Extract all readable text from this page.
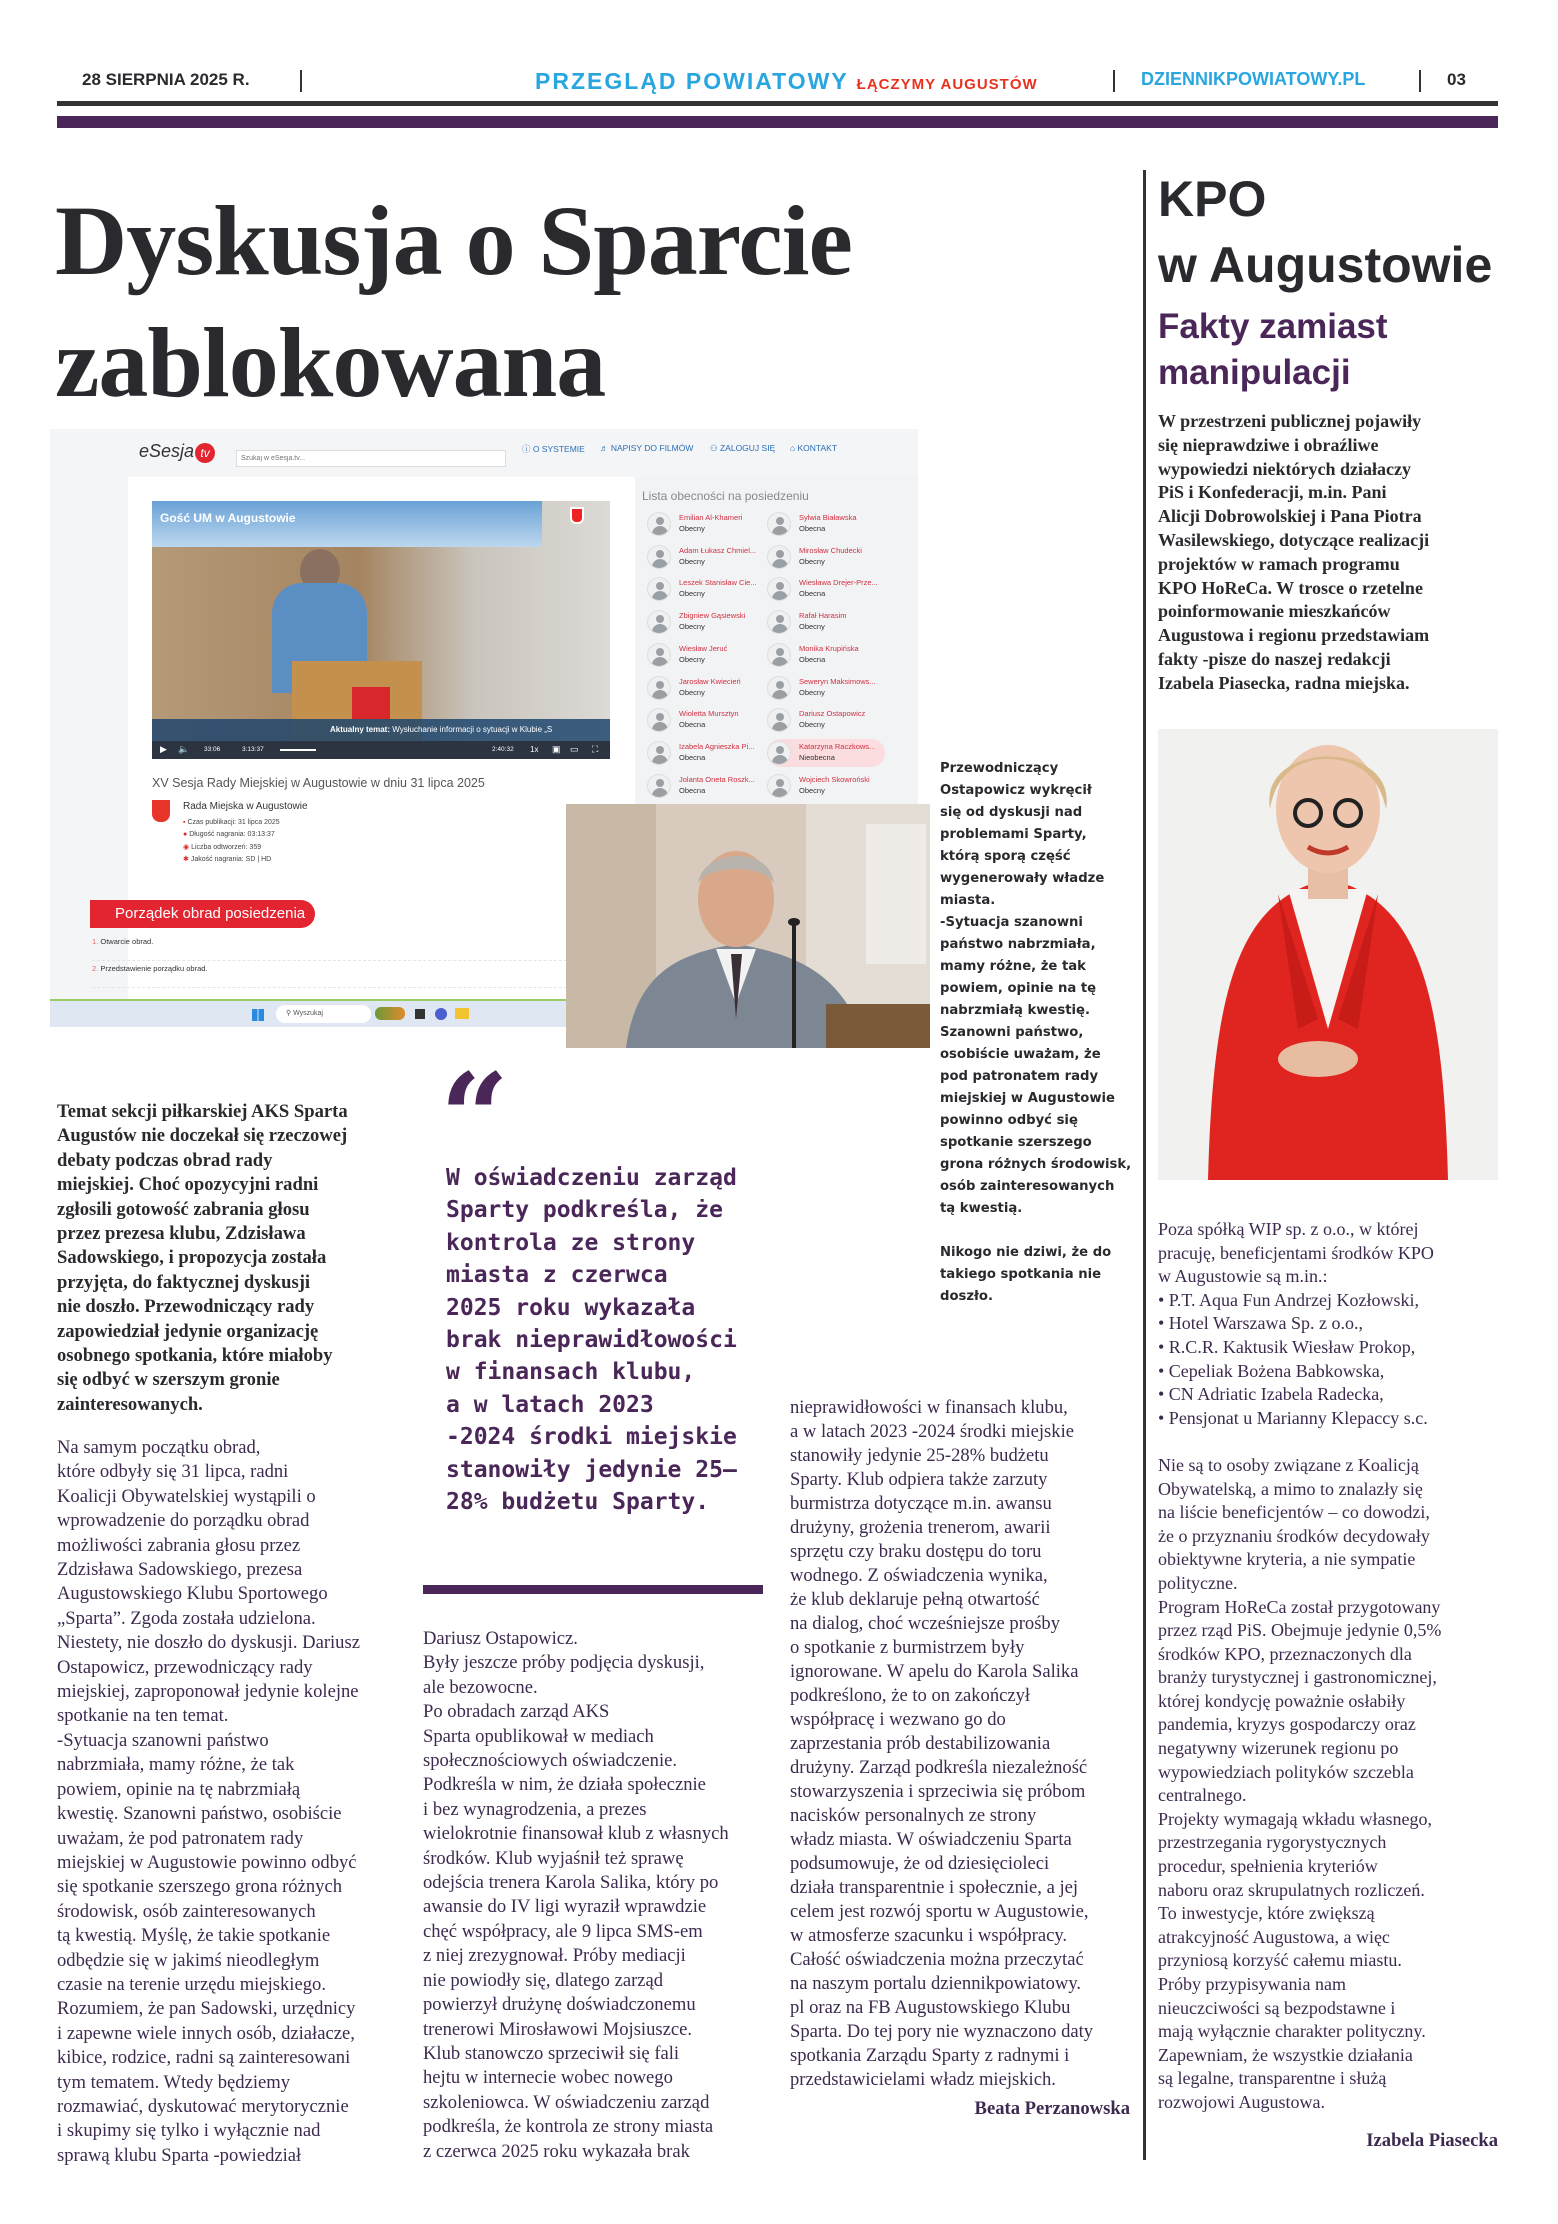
28 SIERPNIA 2025 R.	PRZEGLĄD POWIATOWY ŁĄCZYMY AUGUSTÓW	DZIENNIKPOWIATOWY.PL	03
Dyskusja o Sparcie
zablokowana
eSesja tv
Szukaj w eSesja.tv...	ⓘ O SYSTEMIE ♬ NAPISY DO FILMÓW ⚇ ZALOGUJ SIĘ ⌂ KONTAKT
Gość UM w Augustowie
Aktualny temat: Wysłuchanie informacji o sytuacji w Klubie „S
▶ 🔈 33:06	3:13:37	2:40:32 1x ▣ ▭ ⛶
XV Sesja Rady Miejskiej w Augustowie w dniu 31 lipca 2025
Rada Miejska w Augustowie
▪ Czas publikacji: 31 lipca 2025
● Długość nagrania: 03:13:37
◉ Liczba odtworzeń: 359
✱ Jakość nagrania: SD | HD
Porządek obrad posiedzenia
1. Otwarcie obrad.
2. Przedstawienie porządku obrad.
Lista obecności na posiedzeniu
Emilian Al-Khameri
Obecny
Sylwia Białawska
Obecna
Adam Łukasz Chmiel...
Obecny
Mirosław Chudecki
Obecny
Leszek Stanisław Cie...
Obecny
Wiesława Drejer-Prze...
Obecna
Zbigniew Gąsiewski
Obecny
Rafał Harasim
Obecny
Wiesław Jeruć
Obecny
Monika Krupińska
Obecna
Jarosław Kwiecień
Obecny
Seweryn Maksimows...
Obecny
Wioletta Mursztyn
Obecna
Dariusz Ostapowicz
Obecny
Izabela Agnieszka Pi...
Obecna
Katarzyna Raczkows...
Nieobecna
Jolanta Oneta Roszk...
Obecna
Wojciech Skowroński
Obecny
⚲ Wyszukaj
Przewodniczący
Ostapowicz wykręcił
się od dyskusji nad
problemami Sparty,
którą sporą część
wygenerowały władze
miasta.
-Sytuacja szanowni
państwo nabrzmiała,
mamy różne, że tak
powiem, opinie na tę
nabrzmiałą kwestię.
Szanowni państwo,
osobiście uważam, że
pod patronatem rady
miejskiej w Augustowie
powinno odbyć się
spotkanie szerszego
grona różnych środowisk,
osób zainteresowanych
tą kwestią.

Nikogo nie dziwi, że do
takiego spotkania nie
doszło.
Temat sekcji piłkarskiej AKS Sparta
Augustów nie doczekał się rzeczowej
debaty podczas obrad rady
miejskiej. Choć opozycyjni radni
zgłosili gotowość zabrania głosu
przez prezesa klubu, Zdzisława
Sadowskiego, i propozycja została
przyjęta, do faktycznej dyskusji
nie doszło. Przewodniczący rady
zapowiedział jedynie organizację
osobnego spotkania, które miałoby
się odbyć w szerszym gronie
zainteresowanych.
“
W oświadczeniu zarząd
Sparty podkreśla, że
kontrola ze strony
miasta z czerwca
2025 roku wykazała
brak nieprawidłowości
w finansach klubu,
a w latach 2023
-2024 środki miejskie
stanowiły jedynie 25–
28% budżetu Sparty.
Na samym początku obrad,
które odbyły się 31 lipca, radni
Koalicji Obywatelskiej wystąpili o
wprowadzenie do porządku obrad
możliwości zabrania głosu przez
Zdzisława Sadowskiego, prezesa
Augustowskiego Klubu Sportowego
„Sparta”. Zgoda została udzielona.
Niestety, nie doszło do dyskusji. Dariusz
Ostapowicz, przewodniczący rady
miejskiej, zaproponował jedynie kolejne
spotkanie na ten temat.
-Sytuacja szanowni państwo
nabrzmiała, mamy różne, że tak
powiem, opinie na tę nabrzmiałą
kwestię. Szanowni państwo, osobiście
uważam, że pod patronatem rady
miejskiej w Augustowie powinno odbyć
się spotkanie szerszego grona różnych
środowisk, osób zainteresowanych
tą kwestią. Myślę, że takie spotkanie
odbędzie się w jakimś nieodległym
czasie na terenie urzędu miejskiego.
Rozumiem, że pan Sadowski, urzędnicy
i zapewne wiele innych osób, działacze,
kibice, rodzice, radni są zainteresowani
tym tematem. Wtedy będziemy
rozmawiać, dyskutować merytorycznie
i skupimy się tylko i wyłącznie nad
sprawą klubu Sparta -powiedział
Dariusz Ostapowicz.
Były jeszcze próby podjęcia dyskusji,
ale bezowocne.
Po obradach zarząd AKS
Sparta opublikował w mediach
społecznościowych oświadczenie.
Podkreśla w nim, że działa społecznie
i bez wynagrodzenia, a prezes
wielokrotnie finansował klub z własnych
środków. Klub wyjaśnił też sprawę
odejścia trenera Karola Salika, który po
awansie do IV ligi wyraził wprawdzie
chęć współpracy, ale 9 lipca SMS-em
z niej zrezygnował. Próby mediacji
nie powiodły się, dlatego zarząd
powierzył drużynę doświadczonemu
trenerowi Mirosławowi Mojsiuszce.
Klub stanowczo sprzeciwił się fali
hejtu w internecie wobec nowego
szkoleniowca. W oświadczeniu zarząd
podkreśla, że kontrola ze strony miasta
z czerwca 2025 roku wykazała brak
nieprawidłowości w finansach klubu,
a w latach 2023 -2024 środki miejskie
stanowiły jedynie 25-28% budżetu
Sparty. Klub odpiera także zarzuty
burmistrza dotyczące m.in. awansu
drużyny, grożenia trenerom, awarii
sprzętu czy braku dostępu do toru
wodnego. Z oświadczenia wynika,
że klub deklaruje pełną otwartość
na dialog, choć wcześniejsze prośby
o spotkanie z burmistrzem były
ignorowane. W apelu do Karola Salika
podkreślono, że to on zakończył
współpracę i wezwano go do
zaprzestania prób destabilizowania
drużyny. Zarząd podkreśla niezależność
stowarzyszenia i sprzeciwia się próbom
nacisków personalnych ze strony
władz miasta. W oświadczeniu Sparta
podsumowuje, że od dziesięcioleci
działa transparentnie i społecznie, a jej
celem jest rozwój sportu w Augustowie,
w atmosferze szacunku i współpracy.
Całość oświadczenia można przeczytać
na naszym portalu dziennikpowiatowy.
pl oraz na FB Augustowskiego Klubu
Sparta. Do tej pory nie wyznaczono daty
spotkania Zarządu Sparty z radnymi i
przedstawicielami władz miejskich.
Beata Perzanowska
KPO
w Augustowie
Fakty zamiast
manipulacji
W przestrzeni publicznej pojawiły
się nieprawdziwe i obraźliwe
wypowiedzi niektórych działaczy
PiS i Konfederacji, m.in. Pani
Alicji Dobrowolskiej i Pana Piotra
Wasilewskiego, dotyczące realizacji
projektów w ramach programu
KPO HoReCa. W trosce o rzetelne
poinformowanie mieszkańców
Augustowa i regionu przedstawiam
fakty -pisze do naszej redakcji
Izabela Piasecka, radna miejska.
Poza spółką WIP sp. z o.o., w której
pracuję, beneficjentami środków KPO
w Augustowie są m.in.:
• P.T. Aqua Fun Andrzej Kozłowski,
• Hotel Warszawa Sp. z o.o.,
• R.C.R. Kaktusik Wiesław Prokop,
• Cepeliak Bożena Babkowska,
• CN Adriatic Izabela Radecka,
• Pensjonat u Marianny Klepaccy s.c.

Nie są to osoby związane z Koalicją
Obywatelską, a mimo to znalazły się
na liście beneficjentów – co dowodzi,
że o przyznaniu środków decydowały
obiektywne kryteria, a nie sympatie
polityczne.
Program HoReCa został przygotowany
przez rząd PiS. Obejmuje jedynie 0,5%
środków KPO, przeznaczonych dla
branży turystycznej i gastronomicznej,
której kondycję poważnie osłabiły
pandemia, kryzys gospodarczy oraz
negatywny wizerunek regionu po
wypowiedziach polityków szczebla
centralnego.
Projekty wymagają wkładu własnego,
przestrzegania rygorystycznych
procedur, spełnienia kryteriów
naboru oraz skrupulatnych rozliczeń.
To inwestycje, które zwiększą
atrakcyjność Augustowa, a więc
przyniosą korzyść całemu miastu.
Próby przypisywania nam
nieuczciwości są bezpodstawne i
mają wyłącznie charakter polityczny.
Zapewniam, że wszystkie działania
są legalne, transparentne i służą
rozwojowi Augustowa.
Izabela Piasecka
